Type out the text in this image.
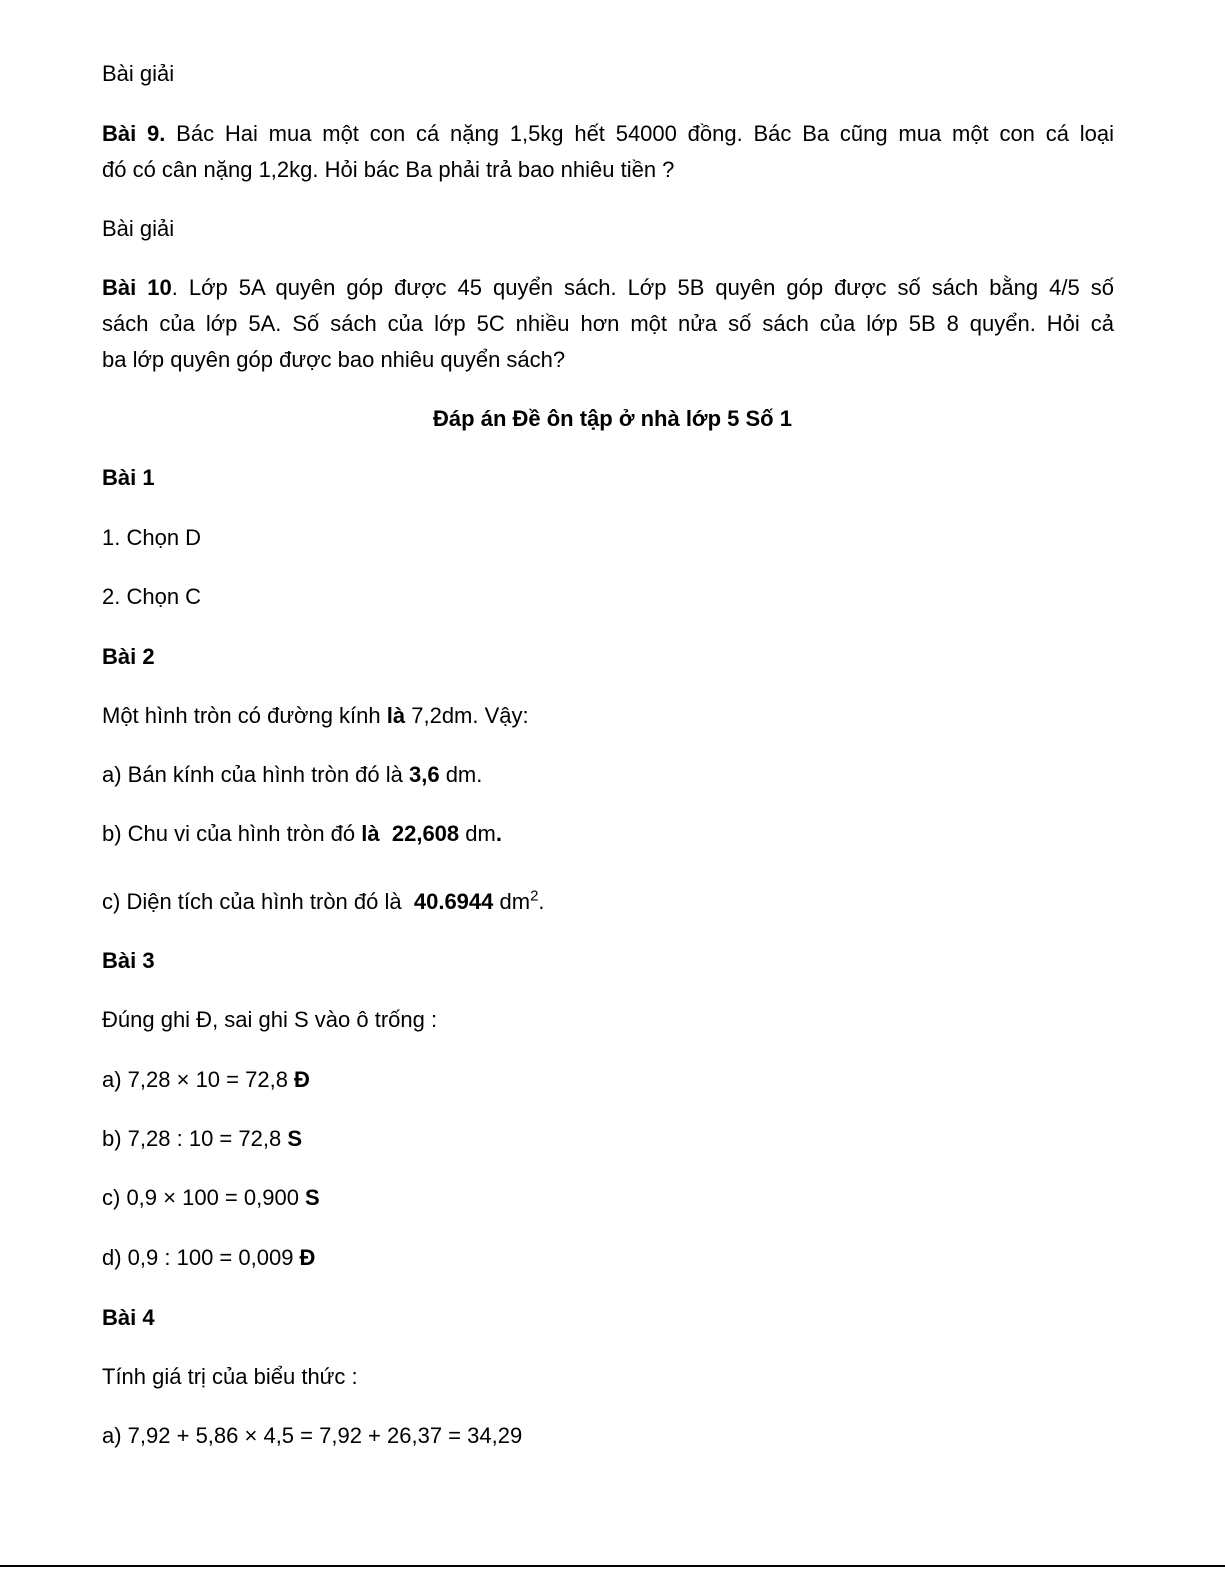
Bài giải

Bài 9. Bác Hai mua một con cá nặng 1,5kg hết 54000 đồng. Bác Ba cũng mua một con cá loại
đó có cân nặng 1,2kg. Hỏi bác Ba phải trả bao nhiêu tiền ?

Bài giải

Bài 10. Lớp 5A quyên góp được 45 quyển sách. Lớp 5B quyên góp được số sách bằng 4/5 số
sách của lớp 5A. Số sách của lớp 5C nhiều hơn một nửa số sách của lớp 5B 8 quyển. Hỏi cả
ba lớp quyên góp được bao nhiêu quyển sách?

Đáp án Đề ôn tập ở nhà lớp 5 Số 1

Bài 1

1. Chọn D

2. Chọn C

Bài 2

Một hình tròn có đường kính là 7,2dm. Vậy:

a) Bán kính của hình tròn đó là 3,6 dm.

b) Chu vi của hình tròn đó là 22,608 dm.

c) Diện tích của hình tròn đó là  40.6944 $dm^2$.

Bài 3

Đúng ghi Đ, sai ghi S vào ô trống :

a) 7,28 × 10 = 72,8 Đ

b) 7,28 : 10 = 72,8 S

c) 0,9 × 100 = 0,900 S

d) 0,9 : 100 = 0,009 Đ

Bài 4

Tính giá trị của biểu thức :

a) 7,92 + 5,86 × 4,5 = 7,92 + 26,37 = 34,29
